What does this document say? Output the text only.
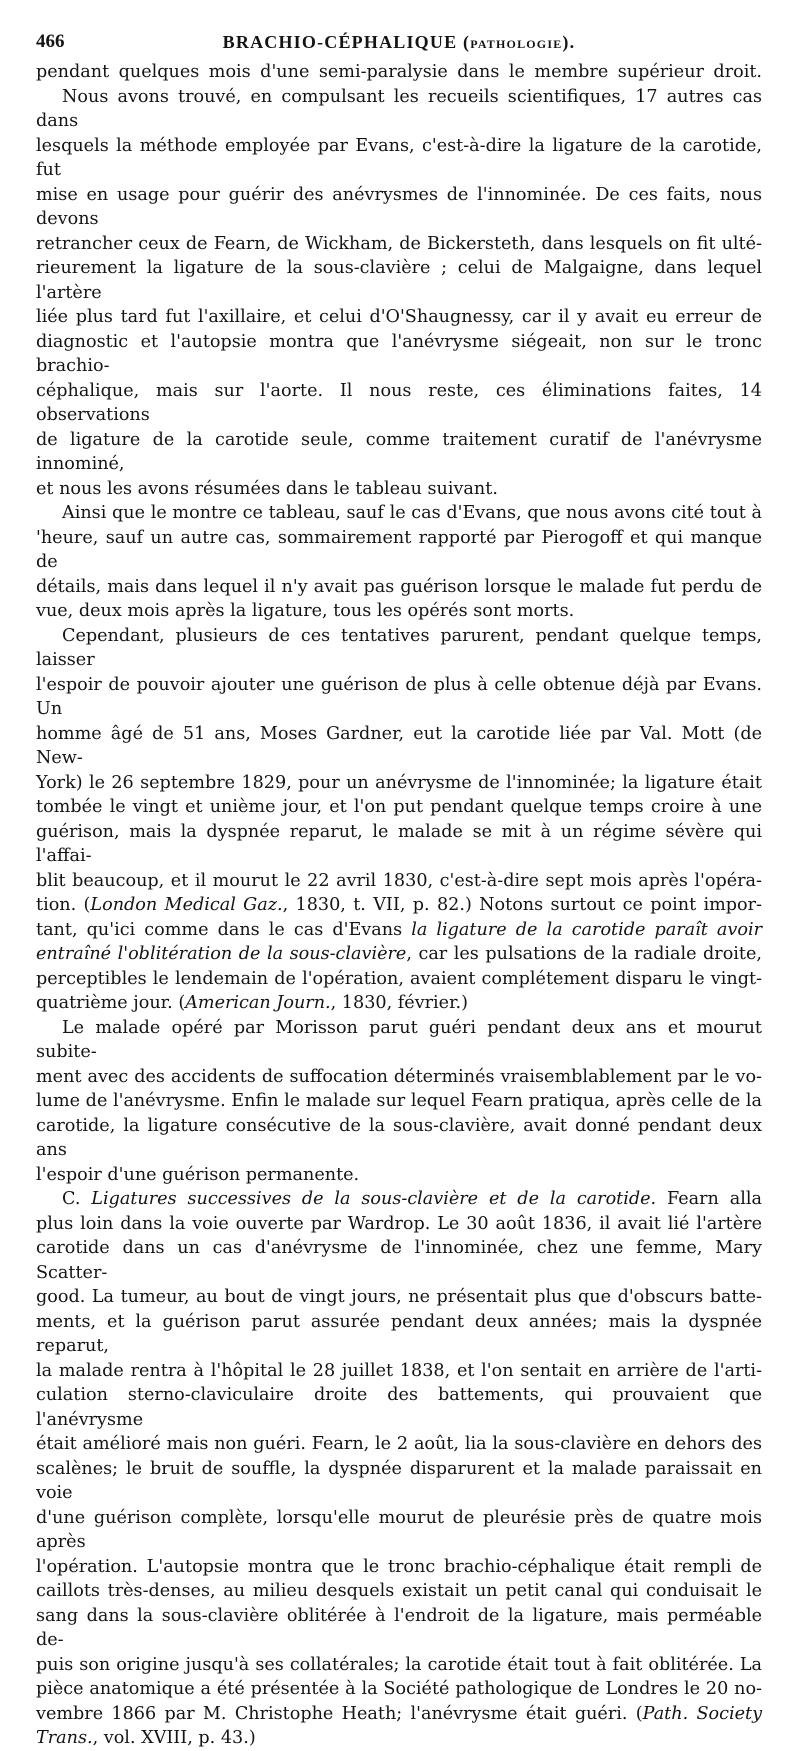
466	BRACHIO-CÉPHALIQUE (PATHOLOGIE).

pendant quelques mois d'une semi-paralysie dans le membre supérieur droit.

Nous avons trouvé, en compulsant les recueils scientifiques, 17 autres cas dans

lesquels la méthode employée par Evans, c'est-à-dire la ligature de la carotide, fut

mise en usage pour guérir des anévrysmes de l'innominée. De ces faits, nous devons

retrancher ceux de Fearn, de Wickham, de Bickersteth, dans lesquels on fit ulté-

rieurement la ligature de la sous-clavière ; celui de Malgaigne, dans lequel l'artère

liée plus tard fut l'axillaire, et celui d'O'Shaugnessy, car il y avait eu erreur de

diagnostic et l'autopsie montra que l'anévrysme siégeait, non sur le tronc brachio-

céphalique, mais sur l'aorte. Il nous reste, ces éliminations faites, 14 observations

de ligature de la carotide seule, comme traitement curatif de l'anévrysme innominé,

et nous les avons résumées dans le tableau suivant.

Ainsi que le montre ce tableau, sauf le cas d'Evans, que nous avons cité tout à

'heure, sauf un autre cas, sommairement rapporté par Pierogoff et qui manque de

détails, mais dans lequel il n'y avait pas guérison lorsque le malade fut perdu de

vue, deux mois après la ligature, tous les opérés sont morts.

Cependant, plusieurs de ces tentatives parurent, pendant quelque temps, laisser

l'espoir de pouvoir ajouter une guérison de plus à celle obtenue déjà par Evans. Un

homme âgé de 51 ans, Moses Gardner, eut la carotide liée par Val. Mott (de New-

York) le 26 septembre 1829, pour un anévrysme de l'innominée; la ligature était

tombée le vingt et unième jour, et l'on put pendant quelque temps croire à une

guérison, mais la dyspnée reparut, le malade se mit à un régime sévère qui l'affai-

blit beaucoup, et il mourut le 22 avril 1830, c'est-à-dire sept mois après l'opéra-

tion. (London Medical Gaz., 1830, t. VII, p. 82.) Notons surtout ce point impor-

tant, qu'ici comme dans le cas d'Evans la ligature de la carotide paraît avoir

entraîné l'oblitération de la sous-clavière, car les pulsations de la radiale droite,

perceptibles le lendemain de l'opération, avaient complétement disparu le vingt-

quatrième jour. (American Journ., 1830, février.)

Le malade opéré par Morisson parut guéri pendant deux ans et mourut subite-

ment avec des accidents de suffocation déterminés vraisemblablement par le vo-

lume de l'anévrysme. Enfin le malade sur lequel Fearn pratiqua, après celle de la

carotide, la ligature consécutive de la sous-clavière, avait donné pendant deux ans

l'espoir d'une guérison permanente.

C. Ligatures successives de la sous-clavière et de la carotide. Fearn alla

plus loin dans la voie ouverte par Wardrop. Le 30 août 1836, il avait lié l'artère

carotide dans un cas d'anévrysme de l'innominée, chez une femme, Mary Scatter-

good. La tumeur, au bout de vingt jours, ne présentait plus que d'obscurs batte-

ments, et la guérison parut assurée pendant deux années; mais la dyspnée reparut,

la malade rentra à l'hôpital le 28 juillet 1838, et l'on sentait en arrière de l'arti-

culation sterno-claviculaire droite des battements, qui prouvaient que l'anévrysme

était amélioré mais non guéri. Fearn, le 2 août, lia la sous-clavière en dehors des

scalènes; le bruit de souffle, la dyspnée disparurent et la malade paraissait en voie

d'une guérison complète, lorsqu'elle mourut de pleurésie près de quatre mois après

l'opération. L'autopsie montra que le tronc brachio-céphalique était rempli de

caillots très-denses, au milieu desquels existait un petit canal qui conduisait le

sang dans la sous-clavière oblitérée à l'endroit de la ligature, mais perméable de-

puis son origine jusqu'à ses collatérales; la carotide était tout à fait oblitérée. La

pièce anatomique a été présentée à la Société pathologique de Londres le 20 no-

vembre 1866 par M. Christophe Heath; l'anévrysme était guéri. (Path. Society

Trans., vol. XVIII, p. 43.)
